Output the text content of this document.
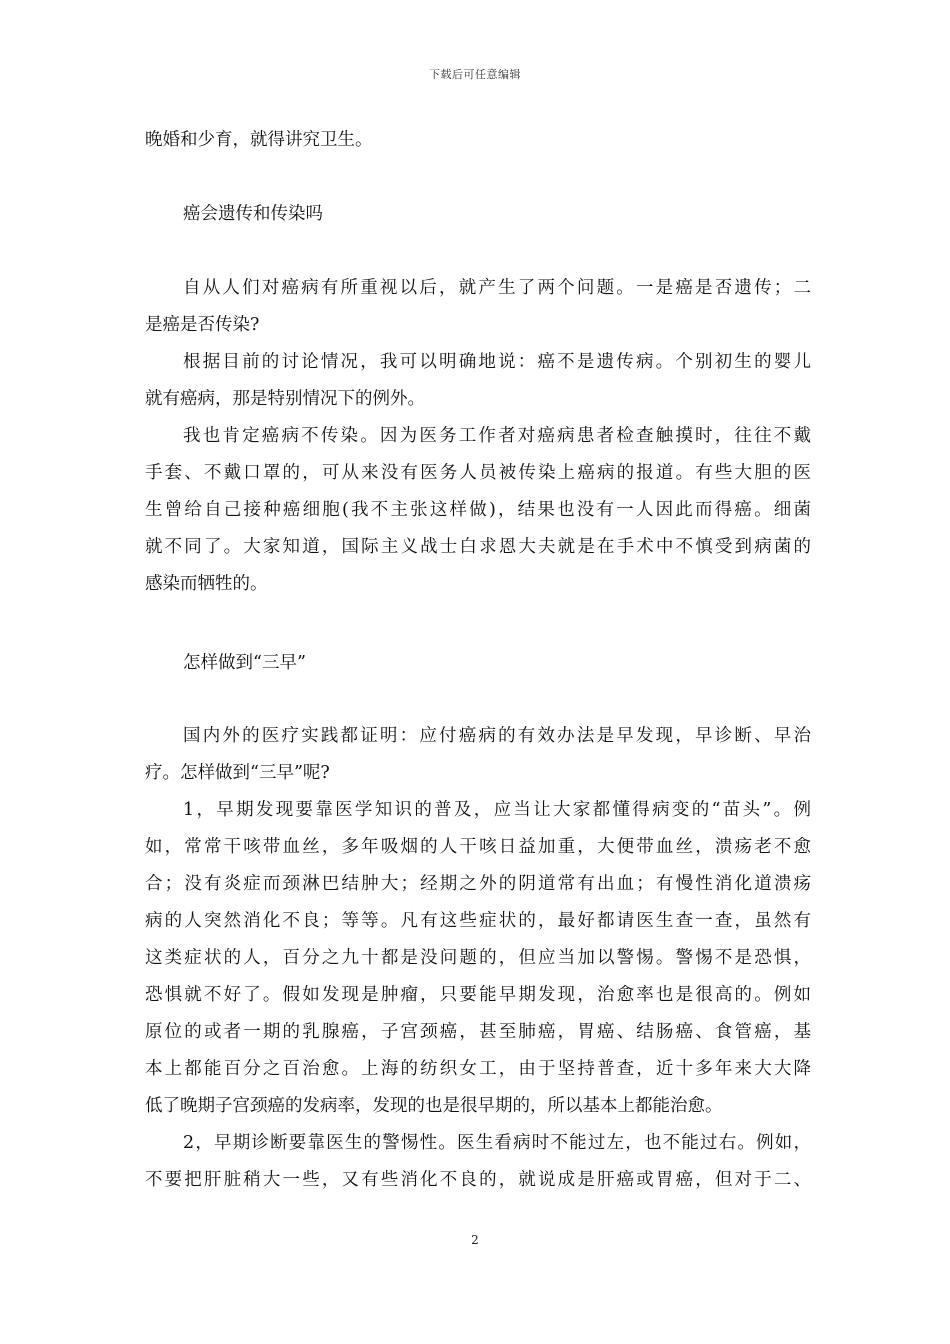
下载后可任意编辑
晚婚和少育，就得讲究卫生。
癌会遗传和传染吗
自从人们对癌病有所重视以后，就产生了两个问题。一是癌是否遗传；二
是癌是否传染?
根据目前的讨论情况，我可以明确地说：癌不是遗传病。个别初生的婴儿
就有癌病，那是特别情况下的例外。
我也肯定癌病不传染。因为医务工作者对癌病患者检查触摸时，往往不戴
手套、不戴口罩的，可从来没有医务人员被传染上癌病的报道。有些大胆的医
生曾给自己接种癌细胞(我不主张这样做)，结果也没有一人因此而得癌。细菌
就不同了。大家知道，国际主义战士白求恩大夫就是在手术中不慎受到病菌的
感染而牺牲的。
怎样做到“三早”
国内外的医疗实践都证明：应付癌病的有效办法是早发现，早诊断、早治
疗。怎样做到“三早”呢?
1，早期发现要靠医学知识的普及，应当让大家都懂得病变的“苗头”。例
如，常常干咳带血丝，多年吸烟的人干咳日益加重，大便带血丝，溃疡老不愈
合；没有炎症而颈淋巴结肿大；经期之外的阴道常有出血；有慢性消化道溃疡
病的人突然消化不良；等等。凡有这些症状的，最好都请医生查一查，虽然有
这类症状的人，百分之九十都是没问题的，但应当加以警惕。警惕不是恐惧，
恐惧就不好了。假如发现是肿瘤，只要能早期发现，治愈率也是很高的。例如
原位的或者一期的乳腺癌，子宫颈癌，甚至肺癌，胃癌、结肠癌、食管癌，基
本上都能百分之百治愈。上海的纺织女工，由于坚持普查，近十多年来大大降
低了晚期子宫颈癌的发病率，发现的也是很早期的，所以基本上都能治愈。
2，早期诊断要靠医生的警惕性。医生看病时不能过左，也不能过右。例如，
不要把肝脏稍大一些，又有些消化不良的，就说成是肝癌或胃癌，但对于二、
2
